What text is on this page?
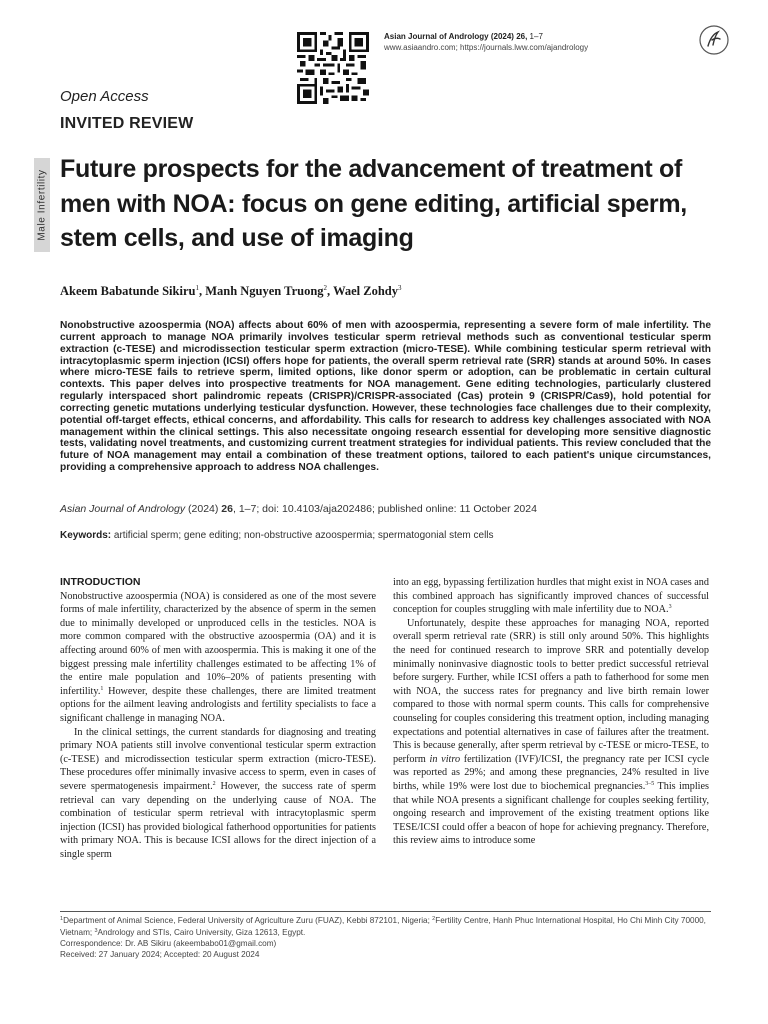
Asian Journal of Andrology (2024) 26, 1–7
www.asiaandro.com; https://journals.lww.com/ajandrology
Open Access
INVITED REVIEW
Male Infertility
Future prospects for the advancement of treatment of men with NOA: focus on gene editing, artificial sperm, stem cells, and use of imaging
Akeem Babatunde Sikiru$^1$, Manh Nguyen Truong$^2$, Wael Zohdy$^3$
Nonobstructive azoospermia (NOA) affects about 60% of men with azoospermia, representing a severe form of male infertility. The current approach to manage NOA primarily involves testicular sperm retrieval methods such as conventional testicular sperm extraction (c-TESE) and microdissection testicular sperm extraction (micro-TESE). While combining testicular sperm retrieval with intracytoplasmic sperm injection (ICSI) offers hope for patients, the overall sperm retrieval rate (SRR) stands at around 50%. In cases where micro-TESE fails to retrieve sperm, limited options, like donor sperm or adoption, can be problematic in certain cultural contexts. This paper delves into prospective treatments for NOA management. Gene editing technologies, particularly clustered regularly interspaced short palindromic repeats (CRISPR)/CRISPR-associated (Cas) protein 9 (CRISPR/Cas9), hold potential for correcting genetic mutations underlying testicular dysfunction. However, these technologies face challenges due to their complexity, potential off-target effects, ethical concerns, and affordability. This calls for research to address key challenges associated with NOA management within the clinical settings. This also necessitate ongoing research essential for developing more sensitive diagnostic tests, validating novel treatments, and customizing current treatment strategies for individual patients. This review concluded that the future of NOA management may entail a combination of these treatment options, tailored to each patient's unique circumstances, providing a comprehensive approach to address NOA challenges.
Asian Journal of Andrology (2024) 26, 1–7; doi: 10.4103/aja202486; published online: 11 October 2024
Keywords: artificial sperm; gene editing; non-obstructive azoospermia; spermatogonial stem cells

INTRODUCTION

Nonobstructive azoospermia (NOA) is considered as one of the most severe forms of male infertility, characterized by the absence of sperm in the semen due to minimally developed or unproduced cells in the testicles. NOA is more common compared with the obstructive azoospermia (OA) and it is affecting around 60% of men with azoospermia. This is making it one of the biggest pressing male infertility challenges estimated to be affecting 1% of the entire male population and 10%–20% of patients presenting with infertility.$^1$ However, despite these challenges, there are limited treatment options for the ailment leaving andrologists and fertility specialists to face a significant challenge in managing NOA.

In the clinical settings, the current standards for diagnosing and treating primary NOA patients still involve conventional testicular sperm extraction (c-TESE) and microdissection testicular sperm extraction (micro-TESE). These procedures offer minimally invasive access to sperm, even in cases of severe spermatogenesis impairment.$^2$ However, the success rate of sperm retrieval can vary depending on the underlying cause of NOA. The combination of testicular sperm retrieval with intracytoplasmic sperm injection (ICSI) has provided biological fatherhood opportunities for patients with primary NOA. This is because ICSI allows for the direct injection of a single sperm

into an egg, bypassing fertilization hurdles that might exist in NOA cases and this combined approach has significantly improved chances of successful conception for couples struggling with male infertility due to NOA.$^3$

Unfortunately, despite these approaches for managing NOA, reported overall sperm retrieval rate (SRR) is still only around 50%. This highlights the need for continued research to improve SRR and potentially develop minimally noninvasive diagnostic tools to better predict successful retrieval before surgery. Further, while ICSI offers a path to fatherhood for some men with NOA, the success rates for pregnancy and live birth remain lower compared to those with normal sperm counts. This calls for comprehensive counseling for couples considering this treatment option, including managing expectations and potential alternatives in case of failures after the treatment. This is because generally, after sperm retrieval by c-TESE or micro-TESE, to perform in vitro fertilization (IVF)/ICSI, the pregnancy rate per ICSI cycle was reported as 29%; and among these pregnancies, 24% resulted in live births, while 19% were lost due to biochemical pregnancies.$^{3-5}$ This implies that while NOA presents a significant challenge for couples seeking fertility, ongoing research and improvement of the existing treatment options like TESE/ICSI could offer a beacon of hope for achieving pregnancy. Therefore, this review aims to introduce some

$^1$Department of Animal Science, Federal University of Agriculture Zuru (FUAZ), Kebbi 872101, Nigeria; $^2$Fertility Centre, Hanh Phuc International Hospital, Ho Chi Minh City 70000, Vietnam; $^3$Andrology and STIs, Cairo University, Giza 12613, Egypt.

Correspondence: Dr. AB Sikiru (akeembabo01@gmail.com)

Received: 27 January 2024; Accepted: 20 August 2024
